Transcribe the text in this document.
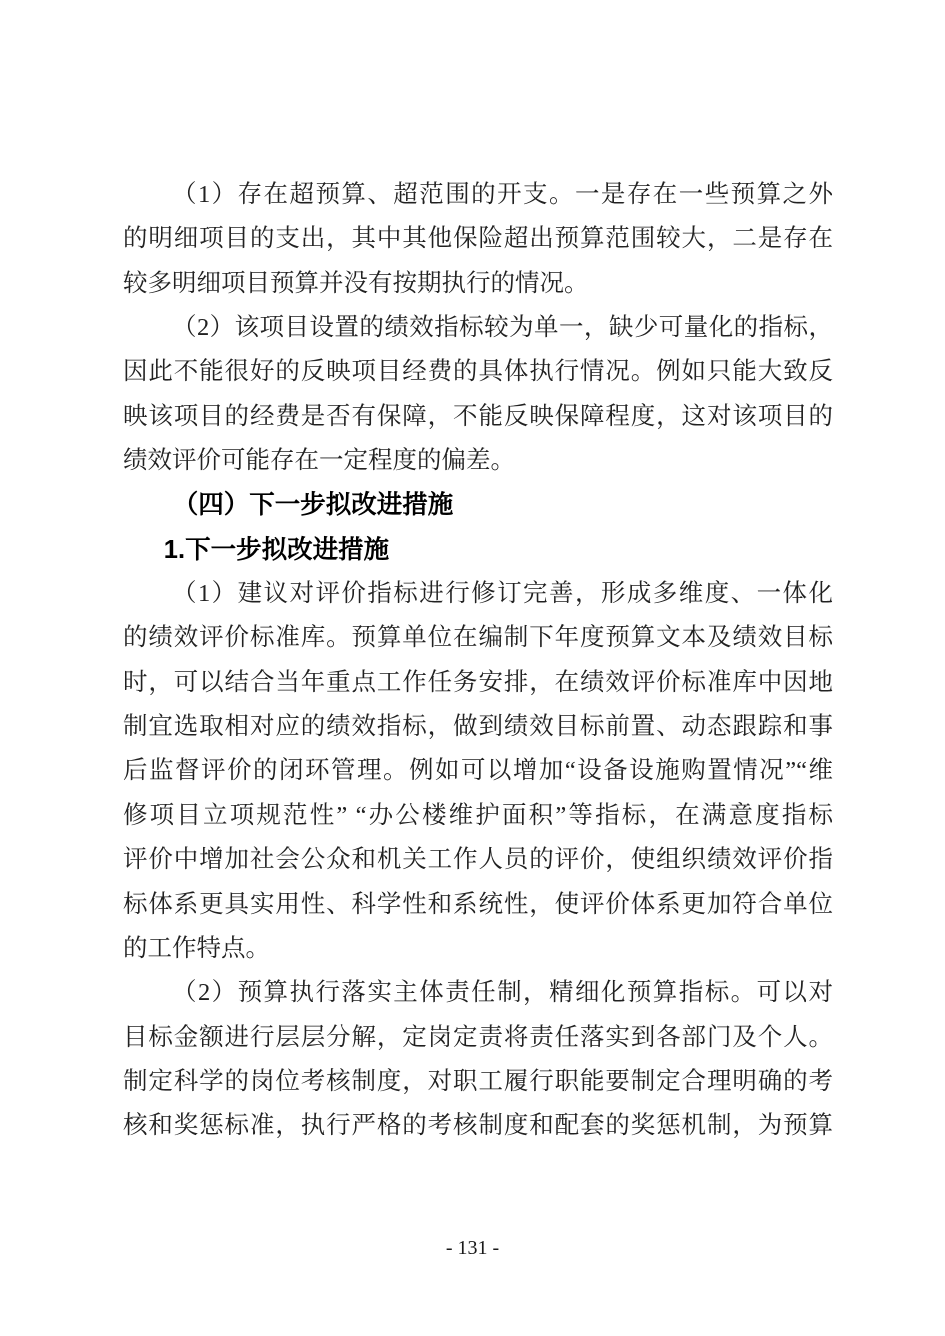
（1）存在超预算、超范围的开支。一是存在一些预算之外
的明细项目的支出，其中其他保险超出预算范围较大，二是存在
较多明细项目预算并没有按期执行的情况。
（2）该项目设置的绩效指标较为单一，缺少可量化的指标，
因此不能很好的反映项目经费的具体执行情况。例如只能大致反
映该项目的经费是否有保障，不能反映保障程度，这对该项目的
绩效评价可能存在一定程度的偏差。
（四）下一步拟改进措施
1.下一步拟改进措施
（1）建议对评价指标进行修订完善，形成多维度、一体化
的绩效评价标准库。预算单位在编制下年度预算文本及绩效目标
时，可以结合当年重点工作任务安排，在绩效评价标准库中因地
制宜选取相对应的绩效指标，做到绩效目标前置、动态跟踪和事
后监督评价的闭环管理。例如可以增加“设备设施购置情况”“维
修项目立项规范性” “办公楼维护面积”等指标，在满意度指标
评价中增加社会公众和机关工作人员的评价，使组织绩效评价指
标体系更具实用性、科学性和系统性，使评价体系更加符合单位
的工作特点。
（2）预算执行落实主体责任制，精细化预算指标。可以对
目标金额进行层层分解，定岗定责将责任落实到各部门及个人。
制定科学的岗位考核制度，对职工履行职能要制定合理明确的考
核和奖惩标准，执行严格的考核制度和配套的奖惩机制，为预算
- 131 -
